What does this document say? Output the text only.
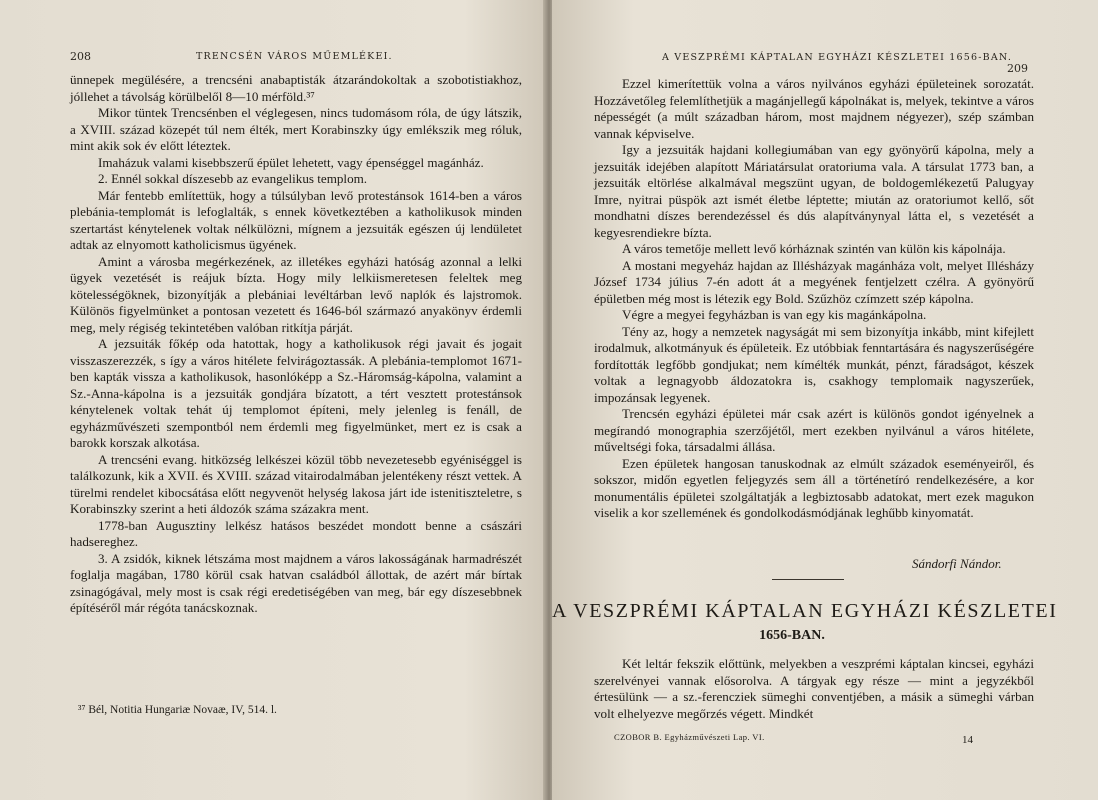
208	TRENCSÉN VÁROS MŰEMLÉKEI.

ünnepek megülésére, a trencséni anabaptisták átzarándokoltak a szobotistiakhoz, jóllehet a távolság körülbelől 8—10 mérföld.³⁷

Mikor tüntek Trencsénben el véglegesen, nincs tudomásom róla, de úgy látszik, a XVIII. század közepét túl nem élték, mert Korabinszky úgy emlékszik meg róluk, mint akik sok év előtt léteztek.

Imaházuk valami kisebbszerű épület lehetett, vagy épenséggel magánház.

2. Ennél sokkal díszesebb az evangelikus templom.

Már fentebb említettük, hogy a túlsúlyban levő protestánsok 1614-ben a város plebánia-templomát is lefoglalták, s ennek következtében a katholikusok minden szertartást kénytelenek voltak nélkülözni, mígnem a jezsuiták egészen új lendületet adtak az elnyomott katholicismus ügyének.

Amint a városba megérkezének, az illetékes egyházi hatóság azonnal a lelki ügyek vezetését is reájuk bízta. Hogy mily lelkiismeretesen feleltek meg kötelességöknek, bizonyítják a plebániai levéltárban levő naplók és lajstromok. Különös figyelmünket a pontosan vezetett és 1646-ból származó anyakönyv érdemli meg, mely régiség tekintetében valóban ritkítja párját.

A jezsuiták főkép oda hatottak, hogy a katholikusok régi javait és jogait visszaszerezzék, s így a város hitélete felvirágoztassák. A plebánia-templomot 1671-ben kapták vissza a katholikusok, hasonlóképp a Sz.-Háromság-kápolna, valamint a Sz.-Anna-kápolna is a jezsuiták gondjára bízatott, a tért vesztett protestánsok kénytelenek voltak tehát új templomot építeni, mely jelenleg is fenáll, de egyházművészeti szempontból nem érdemli meg figyelmünket, mert ez is csak a barokk korszak alkotása.

A trencséni evang. hitközség lelkészei közül több nevezetesebb egyéniséggel is találkozunk, kik a XVII. és XVIII. század vitairodalmában jelentékeny részt vettek. A türelmi rendelet kibocsátása előtt negyvenöt helység lakosa járt ide istenitiszteletre, s Korabinszky szerint a heti áldozók száma százakra ment.

1778-ban Augusztiny lelkész hatásos beszédet mondott benne a császári hadsereghez.

3. A zsidók, kiknek létszáma most majdnem a város lakosságának harmadrészét foglalja magában, 1780 körül csak hatvan családból állottak, de azért már bírtak zsinagógával, mely most is csak régi eredetiségében van meg, bár egy díszesebbnek építéséről már régóta tanácskoznak.

³⁷ Bél, Notitia Hungariæ Novaæ, IV, 514. l.
A VESZPRÉMI KÁPTALAN EGYHÁZI KÉSZLETEI 1656-BAN.
209

Ezzel kimerítettük volna a város nyilvános egyházi épületeinek sorozatát. Hozzávetőleg felemlíthetjük a magánjellegű kápolnákat is, melyek, tekintve a város népességét (a múlt században három, most majdnem négyezer), szép számban vannak képviselve.

Igy a jezsuiták hajdani kollegiumában van egy gyönyörű kápolna, mely a jezsuiták idejében alapított Máriatársulat oratoriuma vala. A társulat 1773 ban, a jezsuiták eltörlése alkalmával megszünt ugyan, de boldogemlékezetű Palugyay Imre, nyitrai püspök azt ismét életbe léptette; miután az oratoriumot kellő, sőt mondhatni díszes berendezéssel és dús alapítványnyal látta el, s vezetését a kegyesrendiekre bízta.

A város temetője mellett levő kórháznak szintén van külön kis kápolnája.

A mostani megyeház hajdan az Illésházyak magánháza volt, melyet Illésházy József 1734 július 7-én adott át a megyének fentjelzett czélra. A gyönyörű épületben még most is létezik egy Bold. Szűzhöz czímzett szép kápolna.

Végre a megyei fegyházban is van egy kis magánkápolna.

Tény az, hogy a nemzetek nagyságát mi sem bizonyítja inkább, mint kifejlett irodalmuk, alkotmányuk és épületeik. Ez utóbbiak fenntartására és nagyszerűségére fordították legfőbb gondjukat; nem kímélték munkát, pénzt, fáradságot, készek voltak a legnagyobb áldozatokra is, csakhogy templomaik nagyszerűek, impozánsak legyenek.

Trencsén egyházi épületei már csak azért is különös gondot igényelnek a megírandó monographia szerzőjétől, mert ezekben nyilvánul a város hitélete, műveltségi foka, társadalmi állása.

Ezen épületek hangosan tanuskodnak az elmúlt századok eseményeiről, és sokszor, midőn egyetlen feljegyzés sem áll a történetíró rendelkezésére, a kor monumentális épületei szolgáltatják a legbiztosabb adatokat, mert ezek magukon viselik a kor szellemének és gondolkodásmódjának leghűbb kinyomatát.

Sándorfi Nándor.
A VESZPRÉMI KÁPTALAN EGYHÁZI KÉSZLETEI
1656-BAN.

Két leltár fekszik előttünk, melyekben a veszprémi káptalan kincsei, egyházi szerelvényei vannak elősorolva. A tárgyak egy része — mint a jegyzékből értesülünk — a sz.-ferencziek sümeghi conventjében, a másik a sümeghi várban volt elhelyezve megőrzés végett. Mindkét

CZOBOR B. Egyházművészeti Lap. VI.	14
